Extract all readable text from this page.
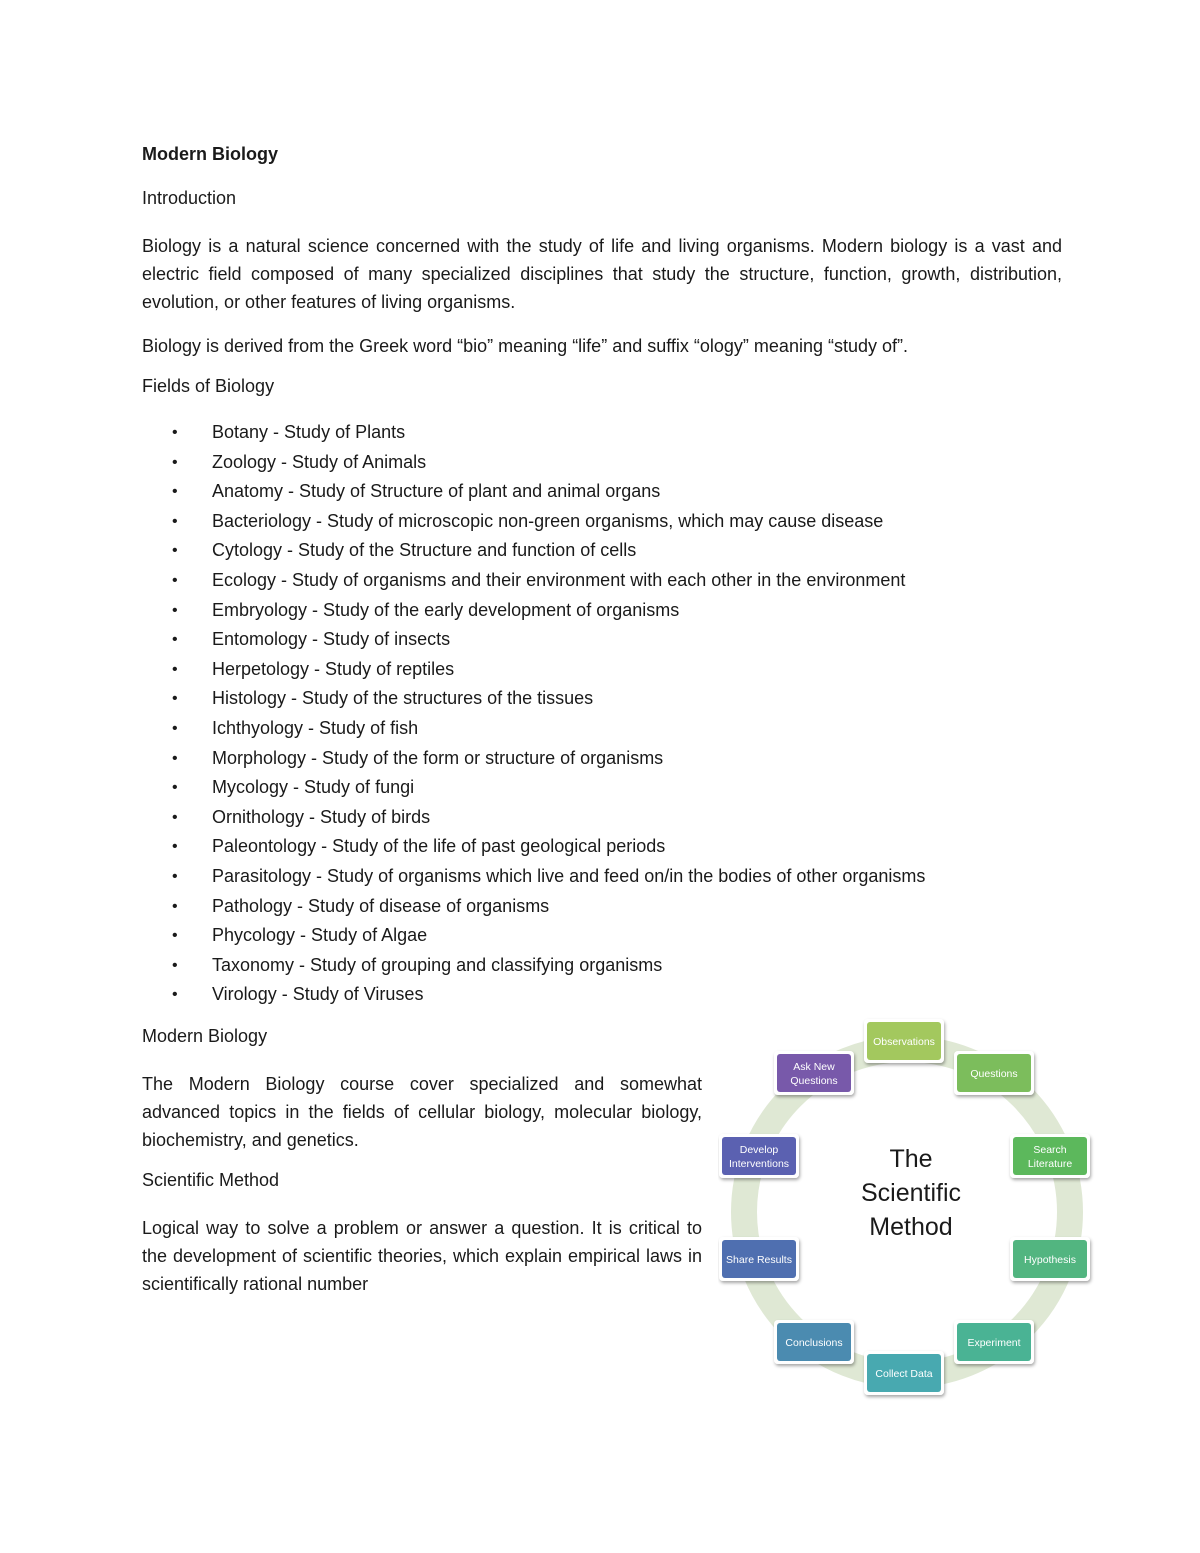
Modern Biology
Introduction

Biology is a natural science concerned with the study of life and living organisms. Modern biology is a vast and electric field composed of many specialized disciplines that study the structure, function, growth, distribution, evolution, or other features of living organisms.

Biology is derived from the Greek word “bio” meaning “life” and suffix “ology” meaning “study of”.

Fields of Biology
• Botany - Study of Plants
• Zoology - Study of Animals
• Anatomy - Study of Structure of plant and animal organs
• Bacteriology - Study of microscopic non-green organisms, which may cause disease
• Cytology - Study of the Structure and function of cells
• Ecology - Study of organisms and their environment with each other in the environment
• Embryology - Study of the early development of organisms
• Entomology - Study of insects
• Herpetology - Study of reptiles
• Histology - Study of the structures of the tissues
• Ichthyology - Study of fish
• Morphology - Study of the form or structure of organisms
• Mycology - Study of fungi
• Ornithology - Study of birds
• Paleontology - Study of the life of past geological periods
• Parasitology - Study of organisms which live and feed on/in the bodies of other organisms
• Pathology - Study of disease of organisms
• Phycology - Study of Algae
• Taxonomy - Study of grouping and classifying organisms
• Virology - Study of Viruses
Modern Biology

The Modern Biology course cover specialized and somewhat advanced topics in the fields of cellular biology, molecular biology, biochemistry, and genetics.

Scientific Method

Logical way to solve a problem or answer a question. It is critical to the development of scientific theories, which explain empirical laws in scientifically rational number

The
Scientific
Method
Observations
Questions
Search
Literature
Hypothesis
Experiment
Collect Data
Conclusions
Share Results
Develop
Interventions
Ask New
Questions
